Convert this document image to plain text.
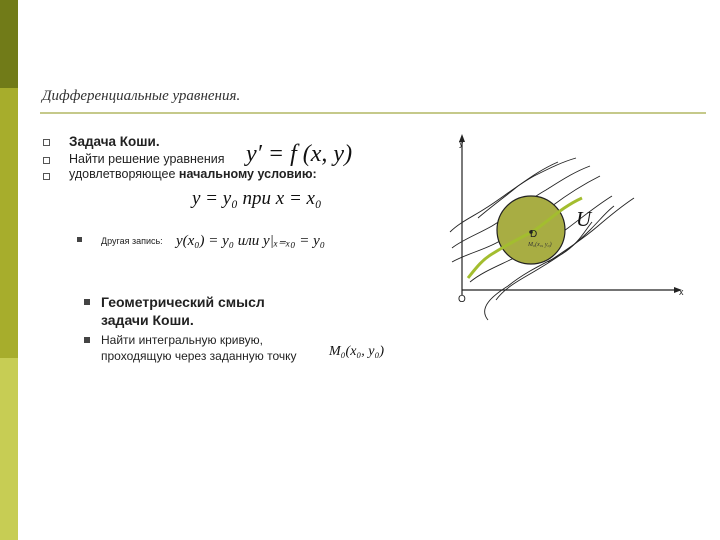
Дифференциальные уравнения.
Задача Коши.
Найти решение уравнения y′ = f (x, y)
удовлетворяющее начальному условию:
y = y₀ при x = x₀
Другая запись: y(x₀) = y₀ или y|ₓ₌ₓ₀ = y₀
Геометрический смысл
задачи Коши.
Найти интегральную кривую,
проходящую через заданную точку M₀(x₀, y₀)
y
x
O
D
M₀(x₀, y₀)
U
